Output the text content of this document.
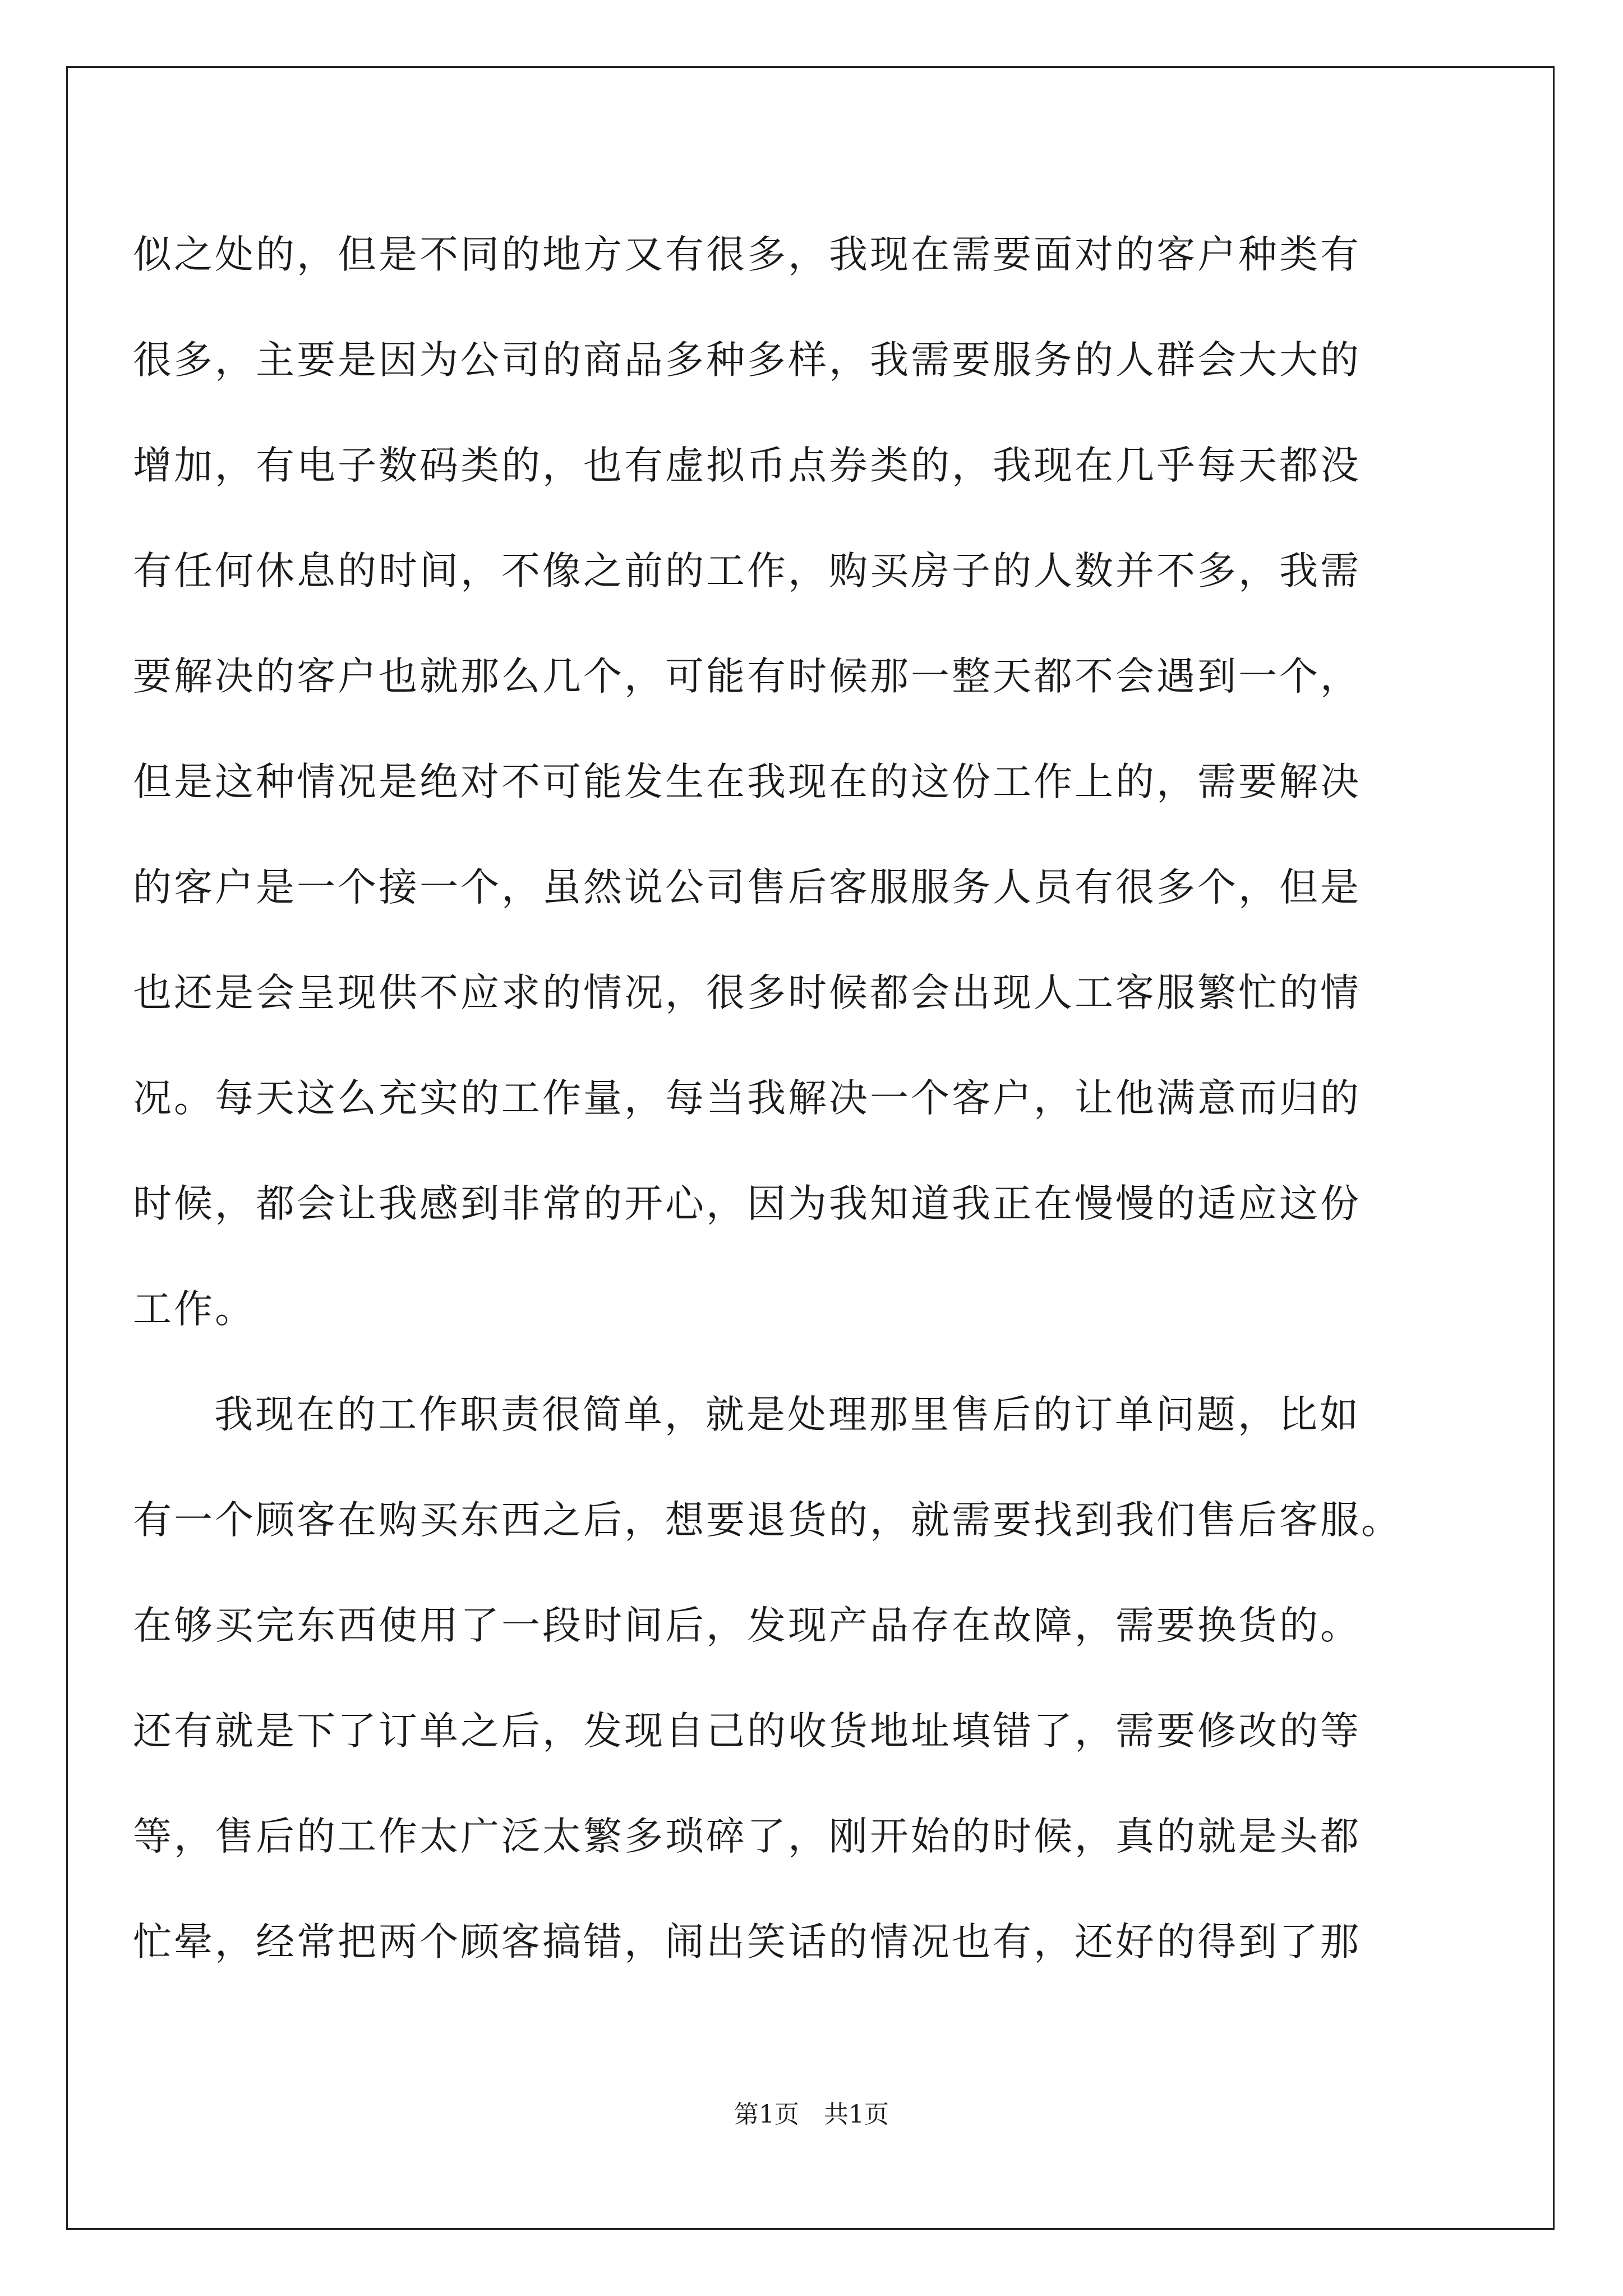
似之处的，但是不同的地方又有很多，我现在需要面对的客户种类有
很多，主要是因为公司的商品多种多样，我需要服务的人群会大大的
增加，有电子数码类的，也有虚拟币点券类的，我现在几乎每天都没
有任何休息的时间，不像之前的工作，购买房子的人数并不多，我需
要解决的客户也就那么几个，可能有时候那一整天都不会遇到一个，
但是这种情况是绝对不可能发生在我现在的这份工作上的，需要解决
的客户是一个接一个，虽然说公司售后客服服务人员有很多个，但是
也还是会呈现供不应求的情况，很多时候都会出现人工客服繁忙的情
况。每天这么充实的工作量，每当我解决一个客户，让他满意而归的
时候，都会让我感到非常的开心，因为我知道我正在慢慢的适应这份
工作。
我现在的工作职责很简单，就是处理那里售后的订单问题，比如
有一个顾客在购买东西之后，想要退货的，就需要找到我们售后客服。
在够买完东西使用了一段时间后，发现产品存在故障，需要换货的。
还有就是下了订单之后，发现自己的收货地址填错了，需要修改的等
等，售后的工作太广泛太繁多琐碎了，刚开始的时候，真的就是头都
忙晕，经常把两个顾客搞错，闹出笑话的情况也有，还好的得到了那
第1页 共1页
